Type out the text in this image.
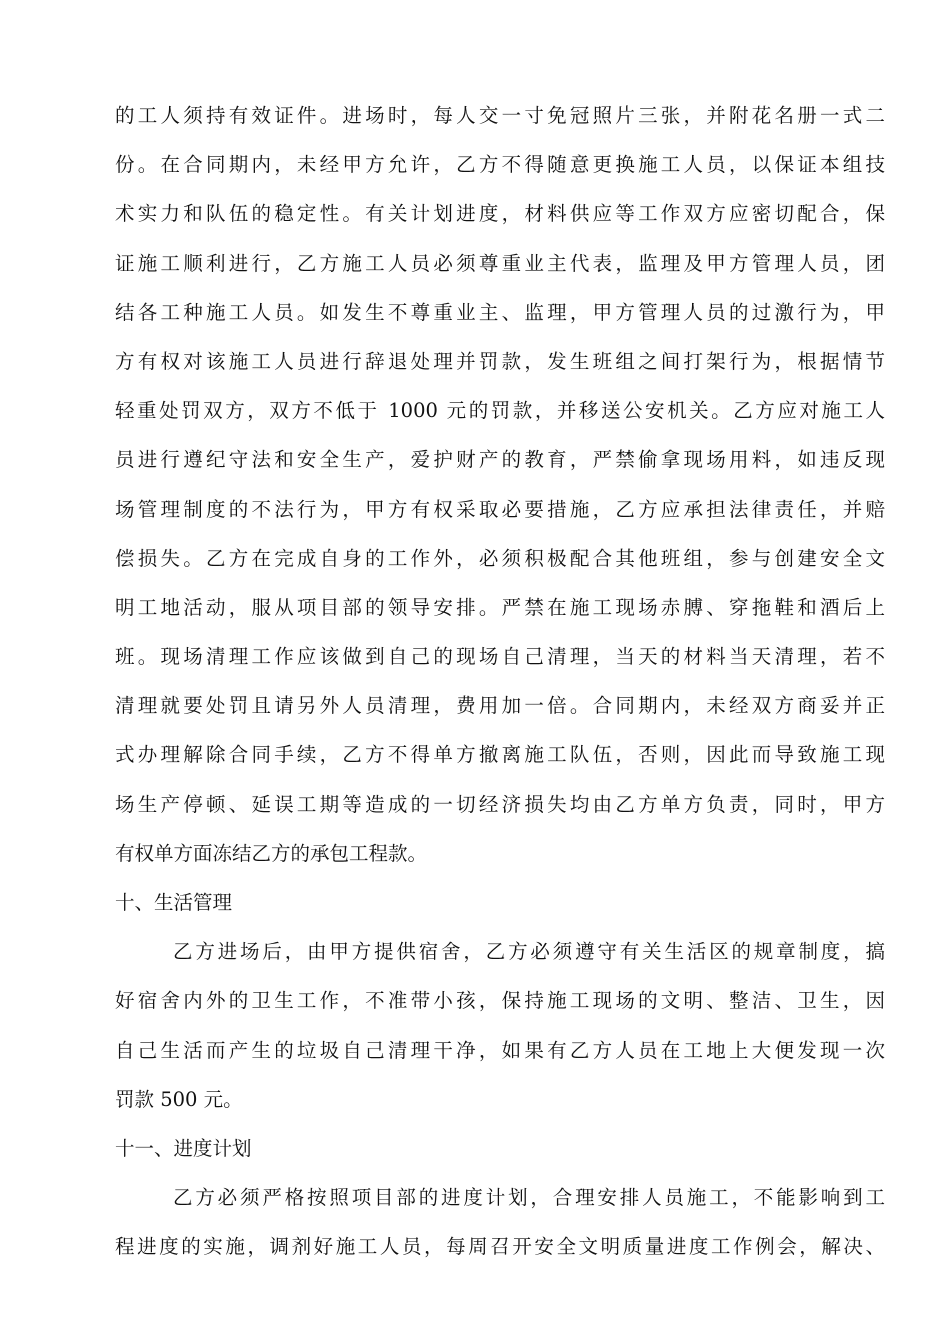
的工人须持有效证件。进场时，每人交一寸免冠照片三张，并附花名册一式二
份。在合同期内，未经甲方允许，乙方不得随意更换施工人员，以保证本组技
术实力和队伍的稳定性。有关计划进度，材料供应等工作双方应密切配合，保
证施工顺利进行，乙方施工人员必须尊重业主代表，监理及甲方管理人员，团
结各工种施工人员。如发生不尊重业主、监理，甲方管理人员的过激行为，甲
方有权对该施工人员进行辞退处理并罚款，发生班组之间打架行为，根据情节
轻重处罚双方，双方不低于 1000 元的罚款，并移送公安机关。乙方应对施工人
员进行遵纪守法和安全生产，爱护财产的教育，严禁偷拿现场用料，如违反现
场管理制度的不法行为，甲方有权采取必要措施，乙方应承担法律责任，并赔
偿损失。乙方在完成自身的工作外，必须积极配合其他班组，参与创建安全文
明工地活动，服从项目部的领导安排。严禁在施工现场赤膊、穿拖鞋和酒后上
班。现场清理工作应该做到自己的现场自己清理，当天的材料当天清理，若不
清理就要处罚且请另外人员清理，费用加一倍。合同期内，未经双方商妥并正
式办理解除合同手续，乙方不得单方撤离施工队伍，否则，因此而导致施工现
场生产停顿、延误工期等造成的一切经济损失均由乙方单方负责，同时，甲方
有权单方面冻结乙方的承包工程款。
十、生活管理
乙方进场后，由甲方提供宿舍，乙方必须遵守有关生活区的规章制度，搞
好宿舍内外的卫生工作，不准带小孩，保持施工现场的文明、整洁、卫生，因
自己生活而产生的垃圾自己清理干净，如果有乙方人员在工地上大便发现一次
罚款 500 元。
十一、进度计划
乙方必须严格按照项目部的进度计划，合理安排人员施工，不能影响到工
程进度的实施，调剂好施工人员，每周召开安全文明质量进度工作例会，解决、
